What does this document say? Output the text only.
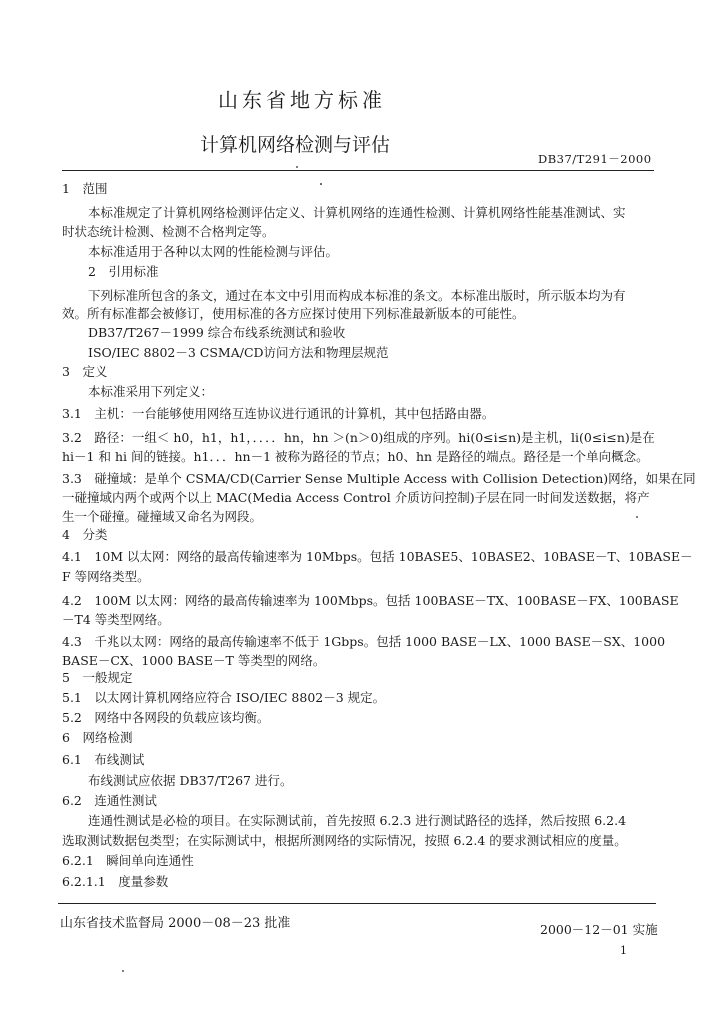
山东省地方标准
计算机网络检测与评估
DB37/T291－2000
1　范围
本标准规定了计算机网络检测评估定义、计算机网络的连通性检测、计算机网络性能基准测试、实
时状态统计检测、检测不合格判定等。
本标准适用于各种以太网的性能检测与评估。
2　引用标准
下列标准所包含的条文，通过在本文中引用而构成本标准的条文。本标准出版时，所示版本均为有
效。所有标准都会被修订，使用标准的各方应探讨使用下列标准最新版本的可能性。
DB37/T267－1999 综合布线系统测试和验收
ISO/IEC 8802－3 CSMA/CD访问方法和物理层规范
3　定义
本标准采用下列定义：
3.1　主机：一台能够使用网络互连协议进行通讯的计算机，其中包括路由器。
3.2　路径：一组＜ h0，h1，h1，．．．．hn，hn ＞(n＞0)组成的序列。hi(0≤i≤n)是主机，li(0≤i≤n)是在
hi－1 和 hi 间的链接。h1．．．hn－1 被称为路径的节点；h0、hn 是路径的端点。路径是一个单向概念。
3.3　碰撞域：是单个 CSMA/CD(Carrier Sense Multiple Access with Collision Detection)网络，如果在同
一碰撞域内两个或两个以上 MAC(Media Access Control 介质访问控制)子层在同一时间发送数据，将产
生一个碰撞。碰撞域又命名为网段。
4　分类
4.1　10M 以太网：网络的最高传输速率为 10Mbps。包括 10BASE5、10BASE2、10BASE－T、10BASE－
F 等网络类型。
4.2　100M 以太网：网络的最高传输速率为 100Mbps。包括 100BASE－TX、100BASE－FX、100BASE
－T4 等类型网络。
4.3　千兆以太网：网络的最高传输速率不低于 1Gbps。包括 1000 BASE－LX、1000 BASE－SX、1000
BASE－CX、1000 BASE－T 等类型的网络。
5　一般规定
5.1　以太网计算机网络应符合 ISO/IEC 8802－3 规定。
5.2　网络中各网段的负载应该均衡。
6　网络检测
6.1　布线测试
布线测试应依据 DB37/T267 进行。
6.2　连通性测试
连通性测试是必检的项目。在实际测试前，首先按照 6.2.3 进行测试路径的选择，然后按照 6.2.4
选取测试数据包类型；在实际测试中，根据所测网络的实际情况，按照 6.2.4 的要求测试相应的度量。
6.2.1　瞬间单向连通性
6.2.1.1　度量参数
山东省技术监督局 2000－08－23 批准	2000－12－01 实施
1
